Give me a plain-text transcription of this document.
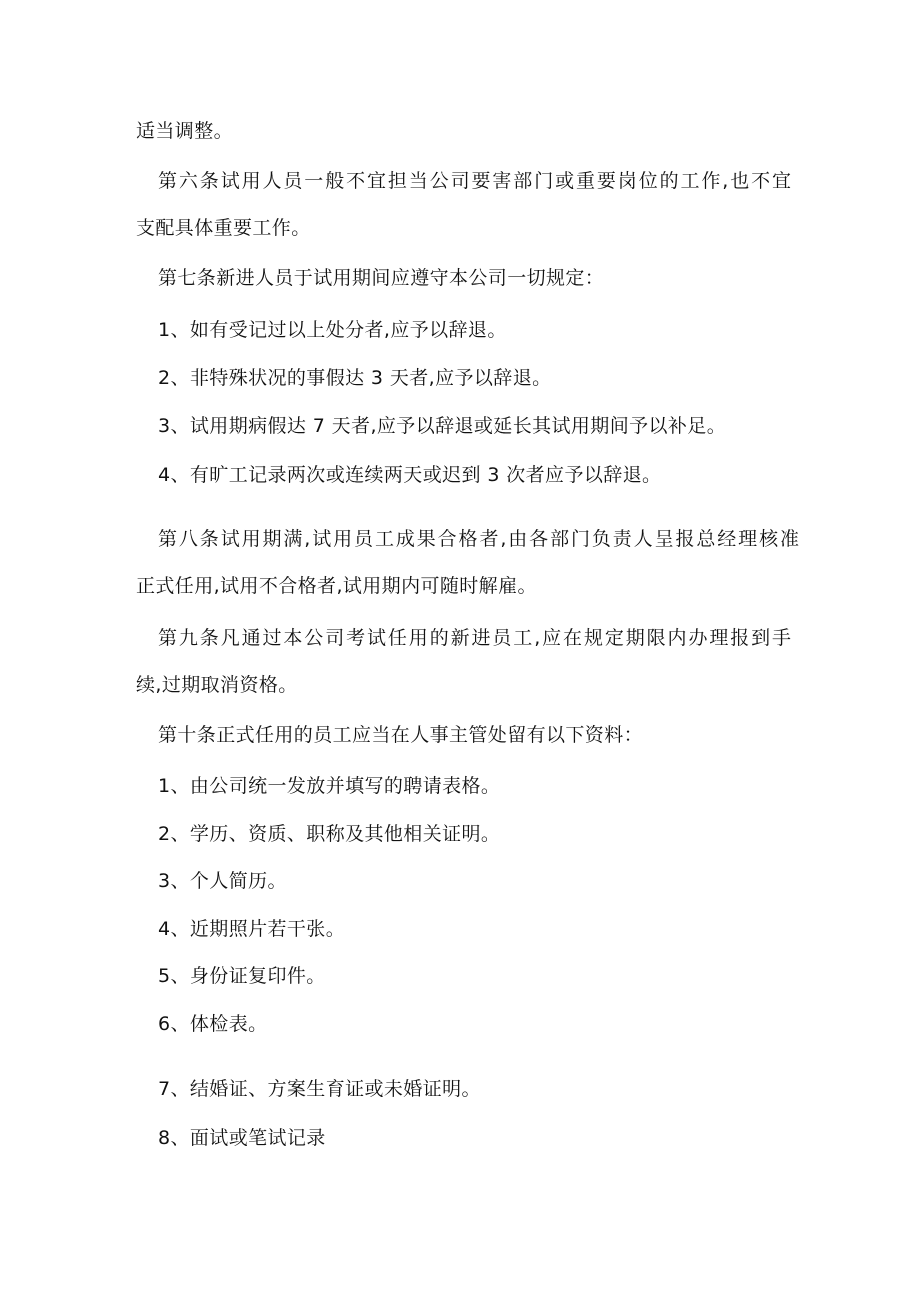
适当调整。

第六条试用人员一般不宜担当公司要害部门或重要岗位的工作,也不宜

支配具体重要工作。

第七条新进人员于试用期间应遵守本公司一切规定：

1、如有受记过以上处分者,应予以辞退。

2、非特殊状况的事假达 3 天者,应予以辞退。

3、试用期病假达 7 天者,应予以辞退或延长其试用期间予以补足。

4、有旷工记录两次或连续两天或迟到 3 次者应予以辞退。

第八条试用期满,试用员工成果合格者,由各部门负责人呈报总经理核准

正式任用,试用不合格者,试用期内可随时解雇。

第九条凡通过本公司考试任用的新进员工,应在规定期限内办理报到手

续,过期取消资格。

第十条正式任用的员工应当在人事主管处留有以下资料：

1、由公司统一发放并填写的聘请表格。

2、学历、资质、职称及其他相关证明。

3、个人简历。

4、近期照片若干张。

5、身份证复印件。

6、体检表。

7、结婚证、方案生育证或未婚证明。

8、面试或笔试记录
